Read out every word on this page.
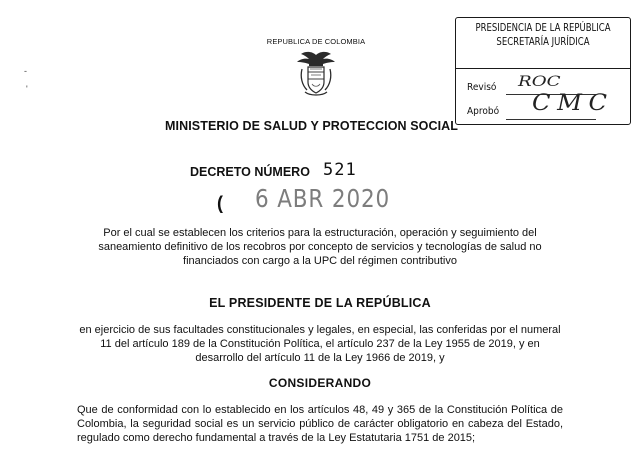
-
'
REPUBLICA DE COLOMBIA
PRESIDENCIA DE LA REPÚBLICA
SECRETARÍA JURÍDICA
Revisó ROC
Aprobó CMC
MINISTERIO DE SALUD Y PROTECCION SOCIAL
DECRETO NÚMERO 521
( 6 ABR 2020
Por el cual se establecen los criterios para la estructuración, operación y seguimiento del saneamiento definitivo de los recobros por concepto de servicios y tecnologías de salud no financiados con cargo a la UPC del régimen contributivo
EL PRESIDENTE DE LA REPÚBLICA
en ejercicio de sus facultades constitucionales y legales, en especial, las conferidas por el numeral 11 del artículo 189 de la Constitución Política, el artículo 237 de la Ley 1955 de 2019, y en desarrollo del artículo 11 de la Ley 1966 de 2019, y
CONSIDERANDO
Que de conformidad con lo establecido en los artículos 48, 49 y 365 de la Constitución Política de Colombia, la seguridad social es un servicio público de carácter obligatorio en cabeza del Estado, regulado como derecho fundamental a través de la Ley Estatutaria 1751 de 2015;
